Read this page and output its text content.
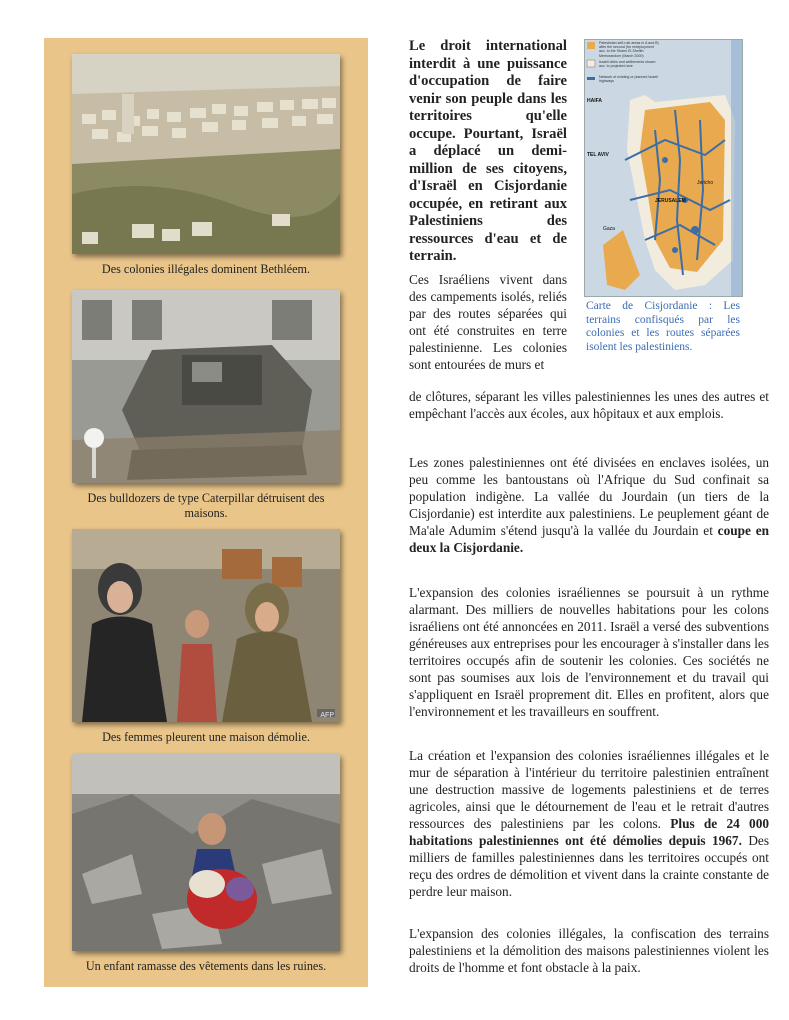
Des colonies illégales dominent Bethléem.
Des bulldozers de type Caterpillar détruisent des maisons.
AFP
Des femmes pleurent une maison démolie.
Un enfant ramasse des vêtements dans les ruines.
Le droit international interdit à une puissance d'occupation de faire venir son peuple dans les territoires qu'elle occupe. Pourtant, Israël a déplacé un demi-million de ses citoyens, d'Israël en Cisjordanie occupée, en retirant aux Palestiniens des ressources d'eau et de terrain.
Palestinian self-rule areas in A and B) after the second (for redeployment acc. to the Sharm El-Sheikh Memorandum (March 2000)
Israeli cities and settlements shown acc. to projected size
Network of existing or planned Israeli highways
HAIFA
TEL AVIV
JERUSALEM
Gaza
Jericho
Carte de Cisjordanie : Les terrains confisqués par les colonies et les routes séparées isolent les palestiniens.
Ces Israéliens vivent dans des campements isolés, reliés par des routes séparées qui ont été construites en terre palestinienne. Les colonies sont entourées de murs et
de clôtures, séparant les villes palestiniennes les unes des autres et empêchant l'accès aux écoles, aux hôpitaux et aux emplois.
Les zones palestiniennes ont été divisées en enclaves isolées, un peu comme les bantoustans où l'Afrique du Sud confinait sa population indigène. La vallée du Jourdain (un tiers de la Cisjordanie) est interdite aux palestiniens. Le peuplement géant de Ma'ale Adumim s'étend jusqu'à la vallée du Jourdain et coupe en deux la Cisjordanie.
L'expansion des colonies israéliennes se poursuit à un rythme alarmant. Des milliers de nouvelles habitations pour les colons israéliens ont été annoncées en 2011. Israël a versé des subventions généreuses aux entreprises pour les encourager à s'installer dans les territoires occupés afin de soutenir les colonies. Ces sociétés ne sont pas soumises aux lois de l'environnement et du travail qui s'appliquent en Israël proprement dit. Elles en profitent, alors que l'environnement et les travailleurs en souffrent.
La création et l'expansion des colonies israéliennes illégales et le mur de séparation à l'intérieur du territoire palestinien entraînent une destruction massive de logements palestiniens et de terres agricoles, ainsi que le détournement de l'eau et le retrait d'autres ressources des palestiniens par les colons. Plus de 24 000 habitations palestiniennes ont été démolies depuis 1967. Des milliers de familles palestiniennes dans les territoires occupés ont reçu des ordres de démolition et vivent dans la crainte constante de perdre leur maison.
L'expansion des colonies illégales, la confiscation des terrains palestiniens et la démolition des maisons palestiniennes violent les droits de l'homme et font obstacle à la paix.
